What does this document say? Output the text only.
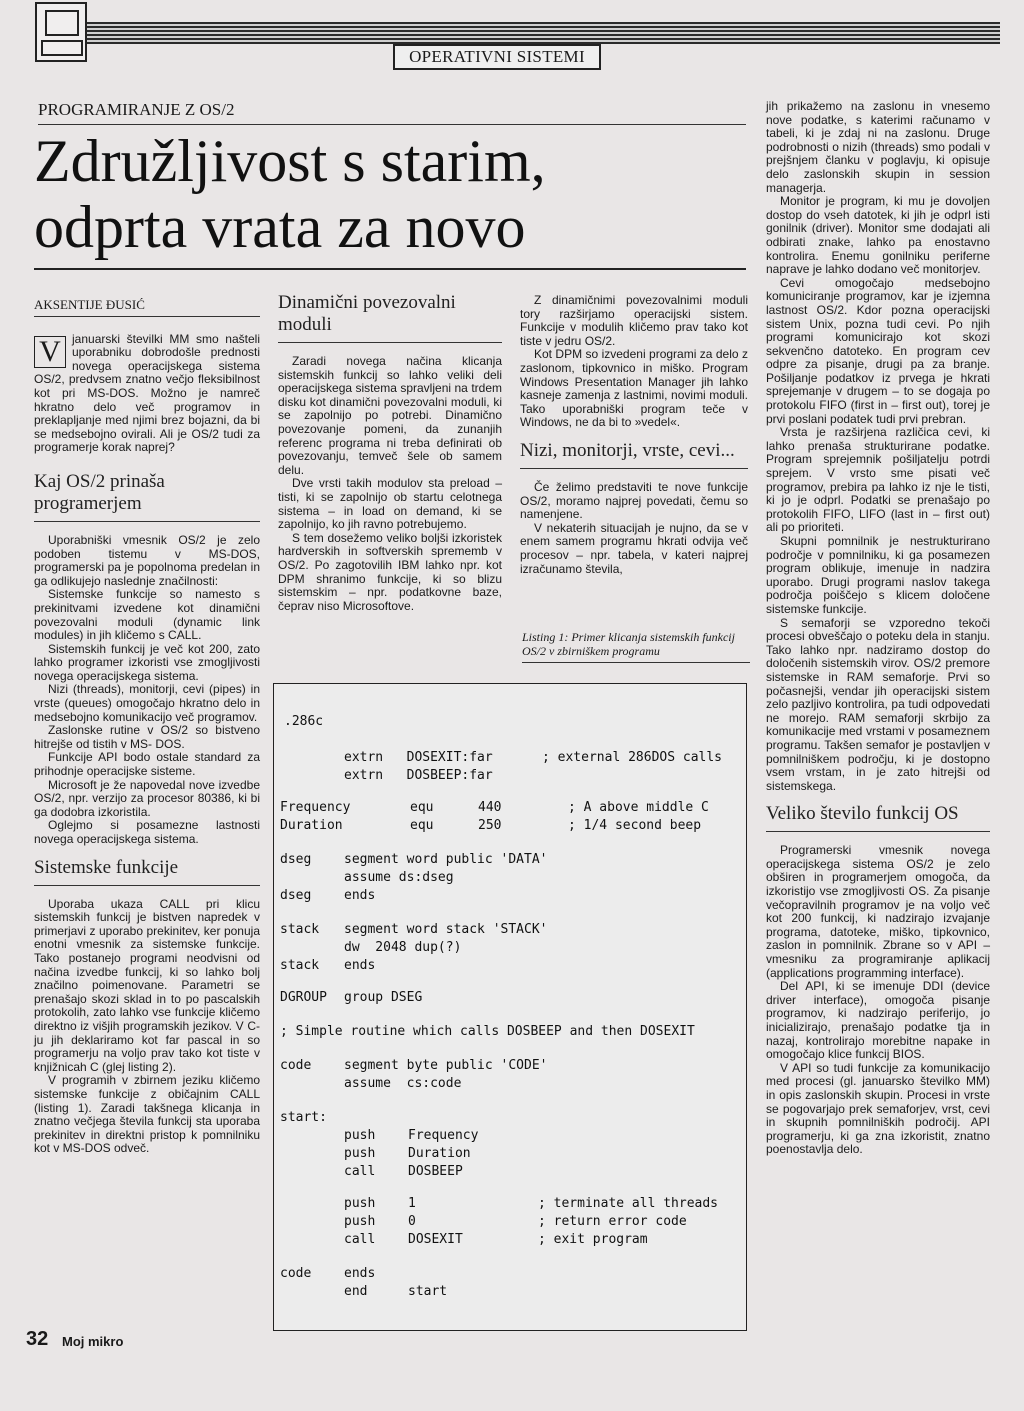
OPERATIVNI SISTEMI
PROGRAMIRANJE Z OS/2
Združljivost s starim,
odprta vrata za novo
AKSENTIJE ĐUSIĆ
V januarski številki MM smo našteli uporabniku dobrodošle prednosti novega operacijskega sistema OS/2, predvsem znatno večjo fleksibilnost kot pri MS-DOS. Možno je namreč hkratno delo več programov in preklapljanje med njimi brez bojazni, da bi se medsebojno ovirali. Ali je OS/2 tudi za programerje korak naprej?
Kaj OS/2 prinaša programerjem

Uporabniški vmesnik OS/2 je zelo podoben tistemu v MS-DOS, programerski pa je popolnoma predelan in ga odlikujejo naslednje značilnosti:

Sistemske funkcije so namesto s prekinitvami izvedene kot dinamični povezovalni moduli (dynamic link modules) in jih kličemo s CALL.

Sistemskih funkcij je več kot 200, zato lahko programer izkoristi vse zmogljivosti novega operacijskega sistema.

Nizi (threads), monitorji, cevi (pipes) in vrste (queues) omogočajo hkratno delo in medsebojno komunikacijo več programov.

Zaslonske rutine v OS/2 so bistveno hitrejše od tistih v MS- DOS.

Funkcije API bodo ostale standard za prihodnje operacijske sisteme.

Microsoft je že napovedal nove izvedbe OS/2, npr. verzijo za procesor 80386, ki bi ga dodobra izkoristila.

Oglejmo si posamezne lastnosti novega operacijskega sistema.

Sistemske funkcije

Uporaba ukaza CALL pri klicu sistemskih funkcij je bistven napredek v primerjavi z uporabo prekinitev, ker ponuja enotni vmesnik za sistemske funkcije. Tako postanejo programi neodvisni od načina izvedbe funkcij, ki so lahko bolj značilno poimenovane. Parametri se prenašajo skozi sklad in to po pascalskih protokolih, zato lahko vse funkcije kličemo direktno iz višjih programskih jezikov. V C-ju jih deklariramo kot far pascal in so programerju na voljo prav tako kot tiste v knjižnicah C (glej listing 2).

V programih v zbirnem jeziku kličemo sistemske funkcije z običajnim CALL (listing 1). Zaradi takšnega klicanja in znatno večjega števila funkcij sta uporaba prekinitev in direktni pristop k pomnilniku kot v MS-DOS odveč.

Dinamični povezovalni moduli

Zaradi novega načina klicanja sistemskih funkcij so lahko veliki deli operacijskega sistema spravljeni na trdem disku kot dinamični povezovalni moduli, ki se zapolnijo po potrebi. Dinamično povezovanje pomeni, da zunanjih referenc programa ni treba definirati ob povezovanju, temveč šele ob samem delu.

Dve vrsti takih modulov sta preload – tisti, ki se zapolnijo ob startu celotnega sistema – in load on demand, ki se zapolnijo, ko jih ravno potrebujemo.

S tem dosežemo veliko boljši izkoristek hardverskih in softverskih sprememb v OS/2. Po zagotovilih IBM lahko npr. kot DPM shranimo funkcije, ki so blizu sistemskim – npr. podatkovne baze, čeprav niso Microsoftove.

Z dinamičnimi povezovalnimi moduli tory razširjamo operacijski sistem. Funkcije v modulih kličemo prav tako kot tiste v jedru OS/2.

Kot DPM so izvedeni programi za delo z zaslonom, tipkovnico in miško. Program Windows Presentation Manager jih lahko kasneje zamenja z lastnimi, novimi moduli. Tako uporabniški program teče v Windows, ne da bi to »vedel«.

Nizi, monitorji, vrste, cevi...

Če želimo predstaviti te nove funkcije OS/2, moramo najprej povedati, čemu so namenjene.

V nekaterih situacijah je nujno, da se v enem samem programu hkrati odvija več procesov – npr. tabela, v kateri najprej izračunamo števila,

Listing 1: Primer klicanja sistemskih funkcij OS/2 v zbirniškem programu
.286c
extrn   DOSEXIT:far
extrn   DOSBEEP:far
; external 286DOS calls
Frequency	equ	440	; A above middle C
Duration	equ	250	; 1/4 second beep
dseg	segment word public 'DATA'
assume ds:dseg
dseg	ends
stack segment word stack 'STACK'
dw  2048 dup(?)
stack ends
DGROUP group DSEG
; Simple routine which calls DOSBEEP and then DOSEXIT
code	segment byte public 'CODE'
assume  cs:code
start:
push	Frequency
push	Duration
call	DOSBEEP
push	1	; terminate all threads
push	0	; return error code
call	DOSEXIT	; exit program
code	ends
end	start

jih prikažemo na zaslonu in vnesemo nove podatke, s katerimi računamo v tabeli, ki je zdaj ni na zaslonu. Druge podrobnosti o nizih (threads) smo podali v prejšnjem članku v poglavju, ki opisuje delo zaslonskih skupin in session managerja.

Monitor je program, ki mu je dovoljen dostop do vseh datotek, ki jih je odprl isti gonilnik (driver). Monitor sme dodajati ali odbirati znake, lahko pa enostavno kontrolira. Enemu gonilniku periferne naprave je lahko dodano več monitorjev.

Cevi omogočajo medsebojno komuniciranje programov, kar je izjemna lastnost OS/2. Kdor pozna operacijski sistem Unix, pozna tudi cevi. Po njih programi komunicirajo kot skozi sekvenčno datoteko. En program cev odpre za pisanje, drugi pa za branje. Pošiljanje podatkov iz prvega je hkrati sprejemanje v drugem – to se dogaja po protokolu FIFO (first in – first out), torej je prvi poslani podatek tudi prvi prebran.

Vrsta je razširjena različica cevi, ki lahko prenaša strukturirane podatke. Program sprejemnik pošiljatelju potrdi sprejem. V vrsto sme pisati več programov, prebira pa lahko iz nje le tisti, ki jo je odprl. Podatki se prenašajo po protokolih FIFO, LIFO (last in – first out) ali po prioriteti.

Skupni pomnilnik je nestrukturirano področje v pomnilniku, ki ga posamezen program oblikuje, imenuje in nadzira uporabo. Drugi programi naslov takega področja poiščejo s klicem določene sistemske funkcije.

S semaforji se vzporedno tekoči procesi obveščajo o poteku dela in stanju. Tako lahko npr. nadziramo dostop do določenih sistemskih virov. OS/2 premore sistemske in RAM semaforje. Prvi so počasnejši, vendar jih operacijski sistem zelo pazljivo kontrolira, pa tudi odpovedati ne morejo. RAM semaforji skrbijo za komunikacije med vrstami v posameznem programu. Takšen semafor je postavljen v pomnilniškem področju, ki je dostopno vsem vrstam, in je zato hitrejši od sistemskega.

Veliko število funkcij OS

Programerski vmesnik novega operacijskega sistema OS/2 je zelo obširen in programerjem omogoča, da izkoristijo vse zmogljivosti OS. Za pisanje večopravilnih programov je na voljo več kot 200 funkcij, ki nadzirajo izvajanje programa, datoteke, miško, tipkovnico, zaslon in pomnilnik. Zbrane so v API – vmesniku za programiranje aplikacij (applications programming interface).

Del API, ki se imenuje DDI (device driver interface), omogoča pisanje programov, ki nadzirajo periferijo, jo inicializirajo, prenašajo podatke tja in nazaj, kontrolirajo morebitne napake in omogočajo klice funkcij BIOS.

V API so tudi funkcije za komunikacijo med procesi (gl. januarsko številko MM) in opis zaslonskih skupin. Procesi in vrste se pogovarjajo prek semaforjev, vrst, cevi in skupnih pomnilniških področij. API programerju, ki ga zna izkoristit, znatno poenostavlja delo.

32 Moj mikro
